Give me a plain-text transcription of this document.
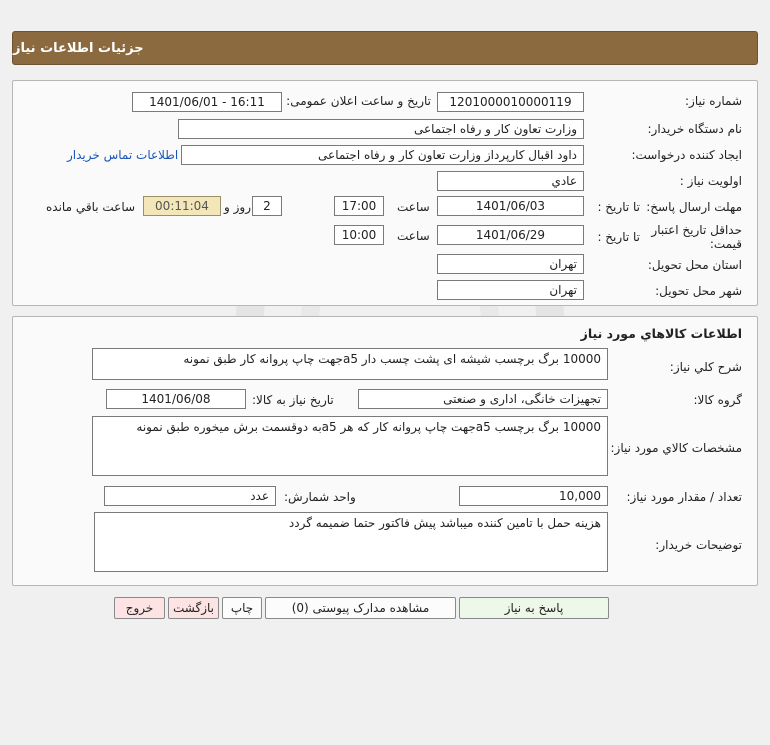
جزئیات اطلاعات نیاز
شماره نیاز:
1201000010000119
تاریخ و ساعت اعلان عمومی:
1401/06/01 - 16:11
نام دستگاه خریدار:
وزارت تعاون کار و رفاه اجتماعی
ایجاد کننده درخواست:
داود اقبال کارپرداز وزارت تعاون کار و رفاه اجتماعی
اطلاعات تماس خریدار
اولویت نیاز :
عادي
مهلت ارسال پاسخ:
تا تاریخ :
1401/06/03
ساعت
17:00
2
روز و
00:11:04
ساعت باقي مانده
حداقل تاریخ اعتبار
قیمت:
تا تاریخ :
1401/06/29
ساعت
10:00
استان محل تحویل:
تهران
شهر محل تحویل:
تهران
اطلاعات کالاهاي مورد نياز
شرح کلي نياز:
10000 برگ برچسب شیشه ای پشت چسب دار a5جهت چاپ پروانه کار طبق نمونه
گروه کالا:
تجهیزات خانگی، اداری و صنعتی
تاریخ نیاز به کالا:
1401/06/08
مشخصات کالاي مورد نياز:
10000 برگ برچسب a5جهت چاپ پروانه کار که هر a5به دوقسمت برش میخوره طبق نمونه
تعداد / مقدار مورد نیاز:
10,000
واحد شمارش:
عدد
توضیحات خریدار:
هزینه حمل با تامین کننده میباشد پیش فاکتور حتما ضمیمه گردد
پاسخ به نیاز
مشاهده مدارک پیوستی (0)
چاپ
بازگشت
خروج
